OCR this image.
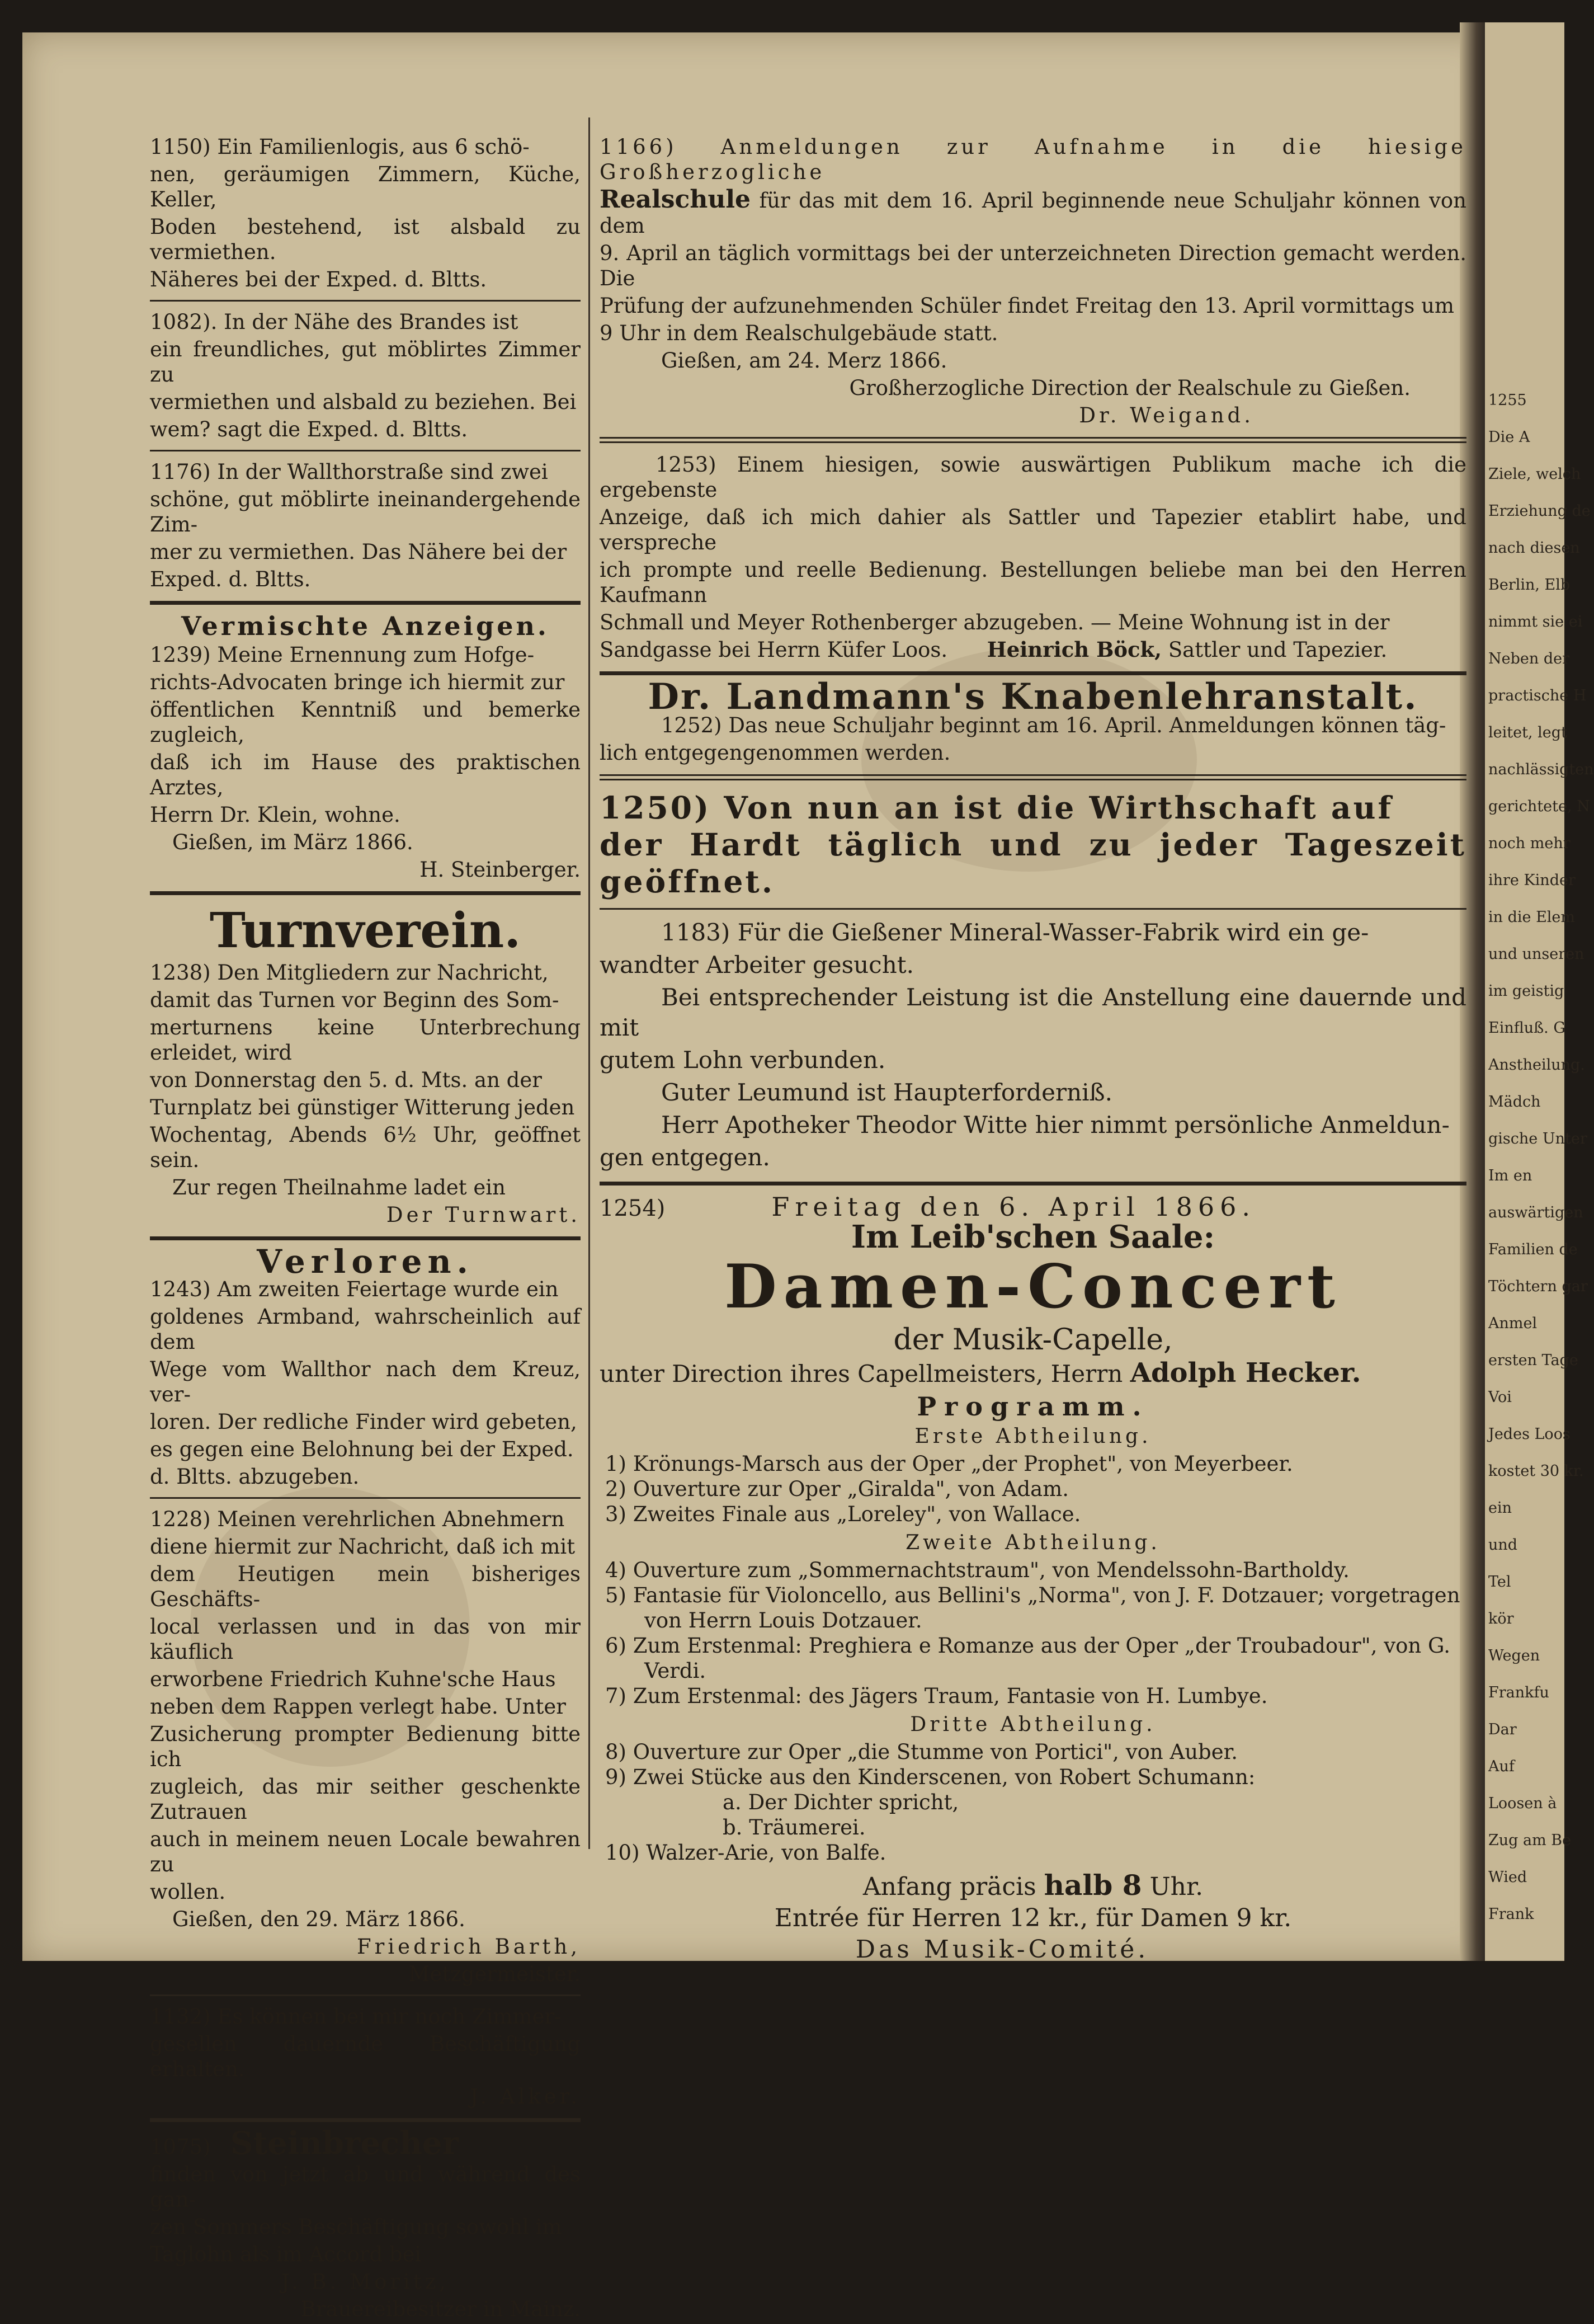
1255
Die A
Ziele, welch
Erziehung de
nach diesen
Berlin, Elb
nimmt sie ei
Neben der
practische H
leitet, legt
nachlässigten
gerichtete, N
noch mehr
ihre Kinder
in die Elem
und unseren
im geistig
Einfluß. G
Anstheilung.
Mädch
gische Unter
Im en
auswärtigen
Familien de
Töchtern gar
Anmel
ersten Tage
Voi
Jedes Loos
kostet 30 kr.
ein
und
Tel
kör
Wegen
Frankfu
Dar
Auf
Loosen à
Zug am Be
Wied
Frank
1150) Ein Familienlogis, aus 6 schö-
nen, geräumigen Zimmern, Küche, Keller,
Boden bestehend, ist alsbald zu vermiethen.
Näheres bei der Exped. d. Bltts.
1082). In der Nähe des Brandes ist
ein freundliches, gut möblirtes Zimmer zu
vermiethen und alsbald zu beziehen. Bei
wem? sagt die Exped. d. Bltts.
1176) In der Wallthorstraße sind zwei
schöne, gut möblirte ineinandergehende Zim-
mer zu vermiethen. Das Nähere bei der
Exped. d. Bltts.
Vermischte Anzeigen.
1239) Meine Ernennung zum Hofge-
richts-Advocaten bringe ich hiermit zur
öffentlichen Kenntniß und bemerke zugleich,
daß ich im Hause des praktischen Arztes,
Herrn Dr. Klein, wohne.
Gießen, im März 1866.
H. Steinberger.
Turnverein.
1238) Den Mitgliedern zur Nachricht,
damit das Turnen vor Beginn des Som-
merturnens keine Unterbrechung erleidet, wird
von Donnerstag den 5. d. Mts. an der
Turnplatz bei günstiger Witterung jeden
Wochentag, Abends 6½ Uhr, geöffnet sein.
Zur regen Theilnahme ladet ein
Der Turnwart.
Verloren.
1243) Am zweiten Feiertage wurde ein
goldenes Armband, wahrscheinlich auf dem
Wege vom Wallthor nach dem Kreuz, ver-
loren. Der redliche Finder wird gebeten,
es gegen eine Belohnung bei der Exped.
d. Bltts. abzugeben.
1228) Meinen verehrlichen Abnehmern
diene hiermit zur Nachricht, daß ich mit
dem Heutigen mein bisheriges Geschäfts-
local verlassen und in das von mir käuflich
erworbene Friedrich Kuhne'sche Haus
neben dem Rappen verlegt habe. Unter
Zusicherung prompter Bedienung bitte ich
zugleich, das mir seither geschenkte Zutrauen
auch in meinem neuen Locale bewahren zu
wollen.
Gießen, den 29. März 1866.
Friedrich Barth,
Metzgermeister.
1132) Es können bei mir noch Zimmer-
gesellen dauernde Beschäftigung erhalten.
J. Alker.
1075) Steinbrecher
finden von jetzt ab und während des gan-
zen Sommers Beschäftigung sowohl im
Taglohn als im Accord bei
J. B. Moritz,
Brauereibesitzer in Mainz.
1166) Anmeldungen zur Aufnahme in die hiesige Großherzogliche
Realschule für das mit dem 16. April beginnende neue Schuljahr können von dem
9. April an täglich vormittags bei der unterzeichneten Direction gemacht werden. Die
Prüfung der aufzunehmenden Schüler findet Freitag den 13. April vormittags um
9 Uhr in dem Realschulgebäude statt.
Gießen, am 24. Merz 1866.
Großherzogliche Direction der Realschule zu Gießen.
Dr. Weigand.
1253) Einem hiesigen, sowie auswärtigen Publikum mache ich die ergebenste
Anzeige, daß ich mich dahier als Sattler und Tapezier etablirt habe, und verspreche
ich prompte und reelle Bedienung. Bestellungen beliebe man bei den Herren Kaufmann
Schmall und Meyer Rothenberger abzugeben. — Meine Wohnung ist in der
Sandgasse bei Herrn Küfer Loos. Heinrich Böck, Sattler und Tapezier.
Dr. Landmann's Knabenlehranstalt.
1252) Das neue Schuljahr beginnt am 16. April. Anmeldungen können täg-
lich entgegengenommen werden.
1250) Von nun an ist die Wirthschaft auf
der Hardt täglich und zu jeder Tageszeit geöffnet.
1183) Für die Gießener Mineral-Wasser-Fabrik wird ein ge-
wandter Arbeiter gesucht.
Bei entsprechender Leistung ist die Anstellung eine dauernde und mit
gutem Lohn verbunden.
Guter Leumund ist Haupterforderniß.
Herr Apotheker Theodor Witte hier nimmt persönliche Anmeldun-
gen entgegen.
1254)	Freitag den 6. April 1866.
Im Leib'schen Saale:
Damen-Concert
der Musik-Capelle,
unter Direction ihres Capellmeisters, Herrn Adolph Hecker.
Programm.
Erste Abtheilung.
1) Krönungs-Marsch aus der Oper „der Prophet", von Meyerbeer.
2) Ouverture zur Oper „Giralda", von Adam.
3) Zweites Finale aus „Loreley", von Wallace.
Zweite Abtheilung.
4) Ouverture zum „Sommernachtstraum", von Mendelssohn-Bartholdy.
5) Fantasie für Violoncello, aus Bellini's „Norma", von J. F. Dotzauer; vorgetragen von Herrn Louis Dotzauer.
6) Zum Erstenmal: Preghiera e Romanze aus der Oper „der Troubadour", von G. Verdi.
7) Zum Erstenmal: des Jägers Traum, Fantasie von H. Lumbye.
Dritte Abtheilung.
8) Ouverture zur Oper „die Stumme von Portici", von Auber.
9) Zwei Stücke aus den Kinderscenen, von Robert Schumann:
a. Der Dichter spricht,
b. Träumerei.
10) Walzer-Arie, von Balfe.
Anfang präcis halb 8 Uhr.
Entrée für Herren 12 kr., für Damen 9 kr.
Das Musik-Comité.
